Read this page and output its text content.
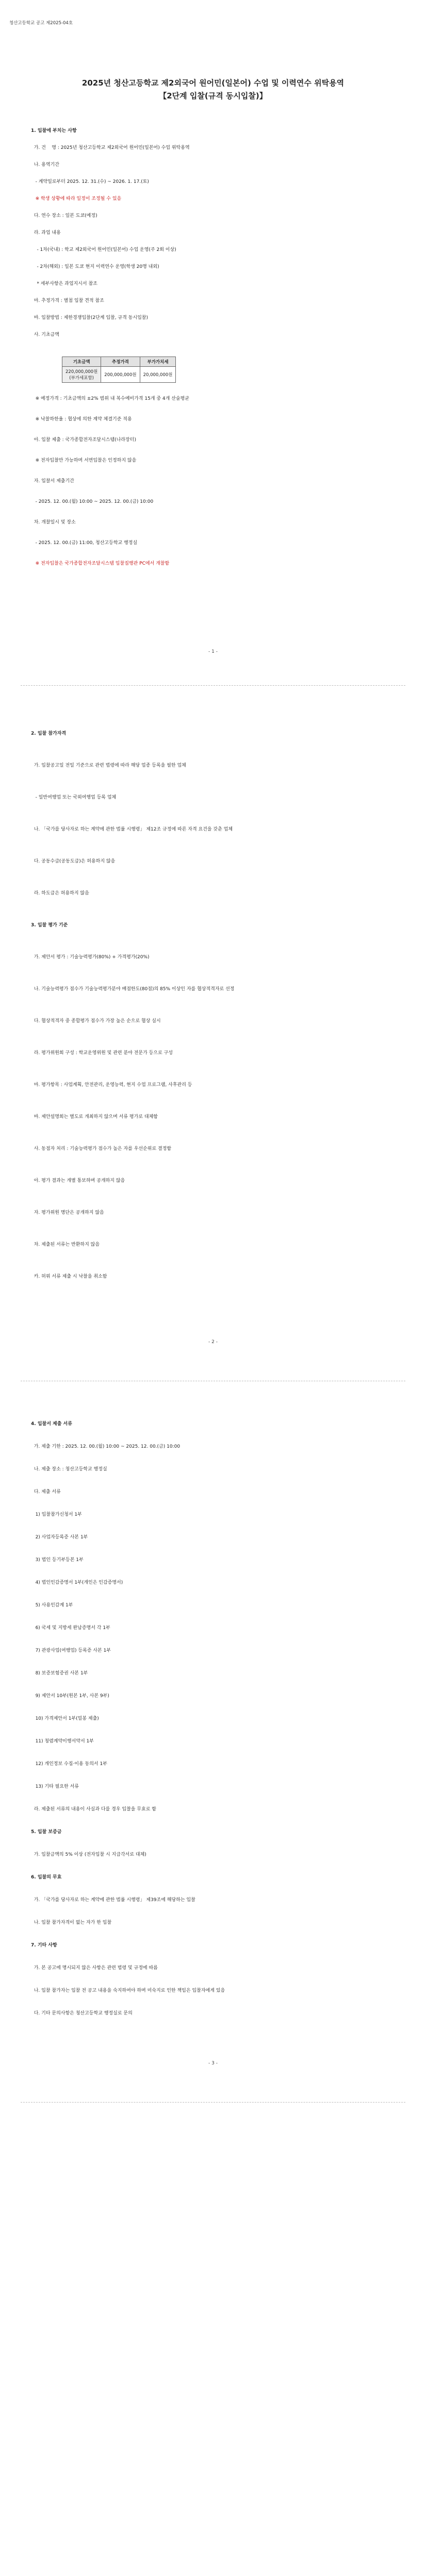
청산고등학교 공고 제2025-04호
2025년 청산고등학교 제2외국어 원어민(일본어) 수업 및 이력연수 위탁용역
【2단계 입찰(규격 동시입찰)】
1. 입찰에 부치는 사항
가. 건    명 : 2025년 청산고등학교 제2외국어 원어민(일본어) 수업 위탁용역
나. 용역기간
- 계약일로부터 2025. 12. 31.(수) ~ 2026. 1. 17.(토)
※ 학생 상황에 따라 일정이 조정될 수 있음
다. 연수 장소 : 일본 도쿄(예정)
라. 과업 내용
- 1차(국내) : 학교 제2외국어 원어민(일본어) 수업 운영(주 2회 이상)
- 2차(해외) : 일본 도쿄 현지 이력연수 운영(학생 20명 내외)
* 세부사항은 과업지시서 참조
마. 추정가격 : 별첨 입찰 견적 참조
바. 입찰방법 : 제한경쟁입찰(2단계 입찰, 규격 동시입찰)
사. 기초금액
기초금액	추정가격	부가가치세
220,000,000원
(부가세포함)	200,000,000원	20,000,000원
※ 예정가격 : 기초금액의 ±2% 범위 내 복수예비가격 15개 중 4개 산술평균
※ 낙찰하한율 : 협상에 의한 계약 체결기준 적용
아. 입찰 제출 : 국가종합전자조달시스템(나라장터)
※ 전자입찰만 가능하며 서면입찰은 인정하지 않음
자. 입찰서 제출기간
- 2025. 12. 00.(월) 10:00 ~ 2025. 12. 00.(금) 10:00
차. 개찰일시 및 장소
- 2025. 12. 00.(금) 11:00, 청산고등학교 행정실
※ 전자입찰은 국가종합전자조달시스템 입찰집행관 PC에서 개찰함
- 1 -
2. 입찰 참가자격
가. 입찰공고일 전일 기준으로 관련 법령에 따라 해당 업종 등록을 필한 업체
- 일반여행업 또는 국외여행업 등록 업체
나. 「국가를 당사자로 하는 계약에 관한 법률 시행령」 제12조 규정에 따른 자격 요건을 갖춘 업체
다. 공동수급(공동도급)은 허용하지 않음
라. 하도급은 허용하지 않음
3. 입찰 평가 기준
가. 제안서 평가 : 기술능력평가(80%) + 가격평가(20%)
나. 기술능력평가 점수가 기술능력평가분야 배점한도(80점)의 85% 이상인 자를 협상적격자로 선정
다. 협상적격자 중 종합평가 점수가 가장 높은 순으로 협상 실시
라. 평가위원회 구성 : 학교운영위원 및 관련 분야 전문가 등으로 구성
마. 평가항목 : 사업계획, 안전관리, 운영능력, 현지 수업 프로그램, 사후관리 등
바. 제안설명회는 별도로 개최하지 않으며 서류 평가로 대체함
사. 동점자 처리 : 기술능력평가 점수가 높은 자를 우선순위로 결정함
아. 평가 결과는 개별 통보하며 공개하지 않음
자. 평가위원 명단은 공개하지 않음
차. 제출된 서류는 반환하지 않음
카. 허위 서류 제출 시 낙찰을 취소함
- 2 -
4. 입찰서 제출 서류
가. 제출 기한 : 2025. 12. 00.(월) 10:00 ~ 2025. 12. 00.(금) 10:00
나. 제출 장소 : 청산고등학교 행정실
다. 제출 서류
1) 입찰참가신청서 1부
2) 사업자등록증 사본 1부
3) 법인 등기부등본 1부
4) 법인인감증명서 1부(개인은 인감증명서)
5) 사용인감계 1부
6) 국세 및 지방세 완납증명서 각 1부
7) 관광사업(여행업) 등록증 사본 1부
8) 보증보험증권 사본 1부
9) 제안서 10부(원본 1부, 사본 9부)
10) 가격제안서 1부(밀봉 제출)
11) 청렴계약이행서약서 1부
12) 개인정보 수집·이용 동의서 1부
13) 기타 필요한 서류
라. 제출된 서류의 내용이 사실과 다를 경우 입찰을 무효로 함
5. 입찰 보증금
가. 입찰금액의 5% 이상 (전자입찰 시 지급각서로 대체)
6. 입찰의 무효
가. 「국가를 당사자로 하는 계약에 관한 법률 시행령」 제39조에 해당하는 입찰
나. 입찰 참가자격이 없는 자가 한 입찰
7. 기타 사항
가. 본 공고에 명시되지 않은 사항은 관련 법령 및 규정에 따름
나. 입찰 참가자는 입찰 전 공고 내용을 숙지하여야 하며 미숙지로 인한 책임은 입찰자에게 있음
다. 기타 문의사항은 청산고등학교 행정실로 문의
- 3 -
